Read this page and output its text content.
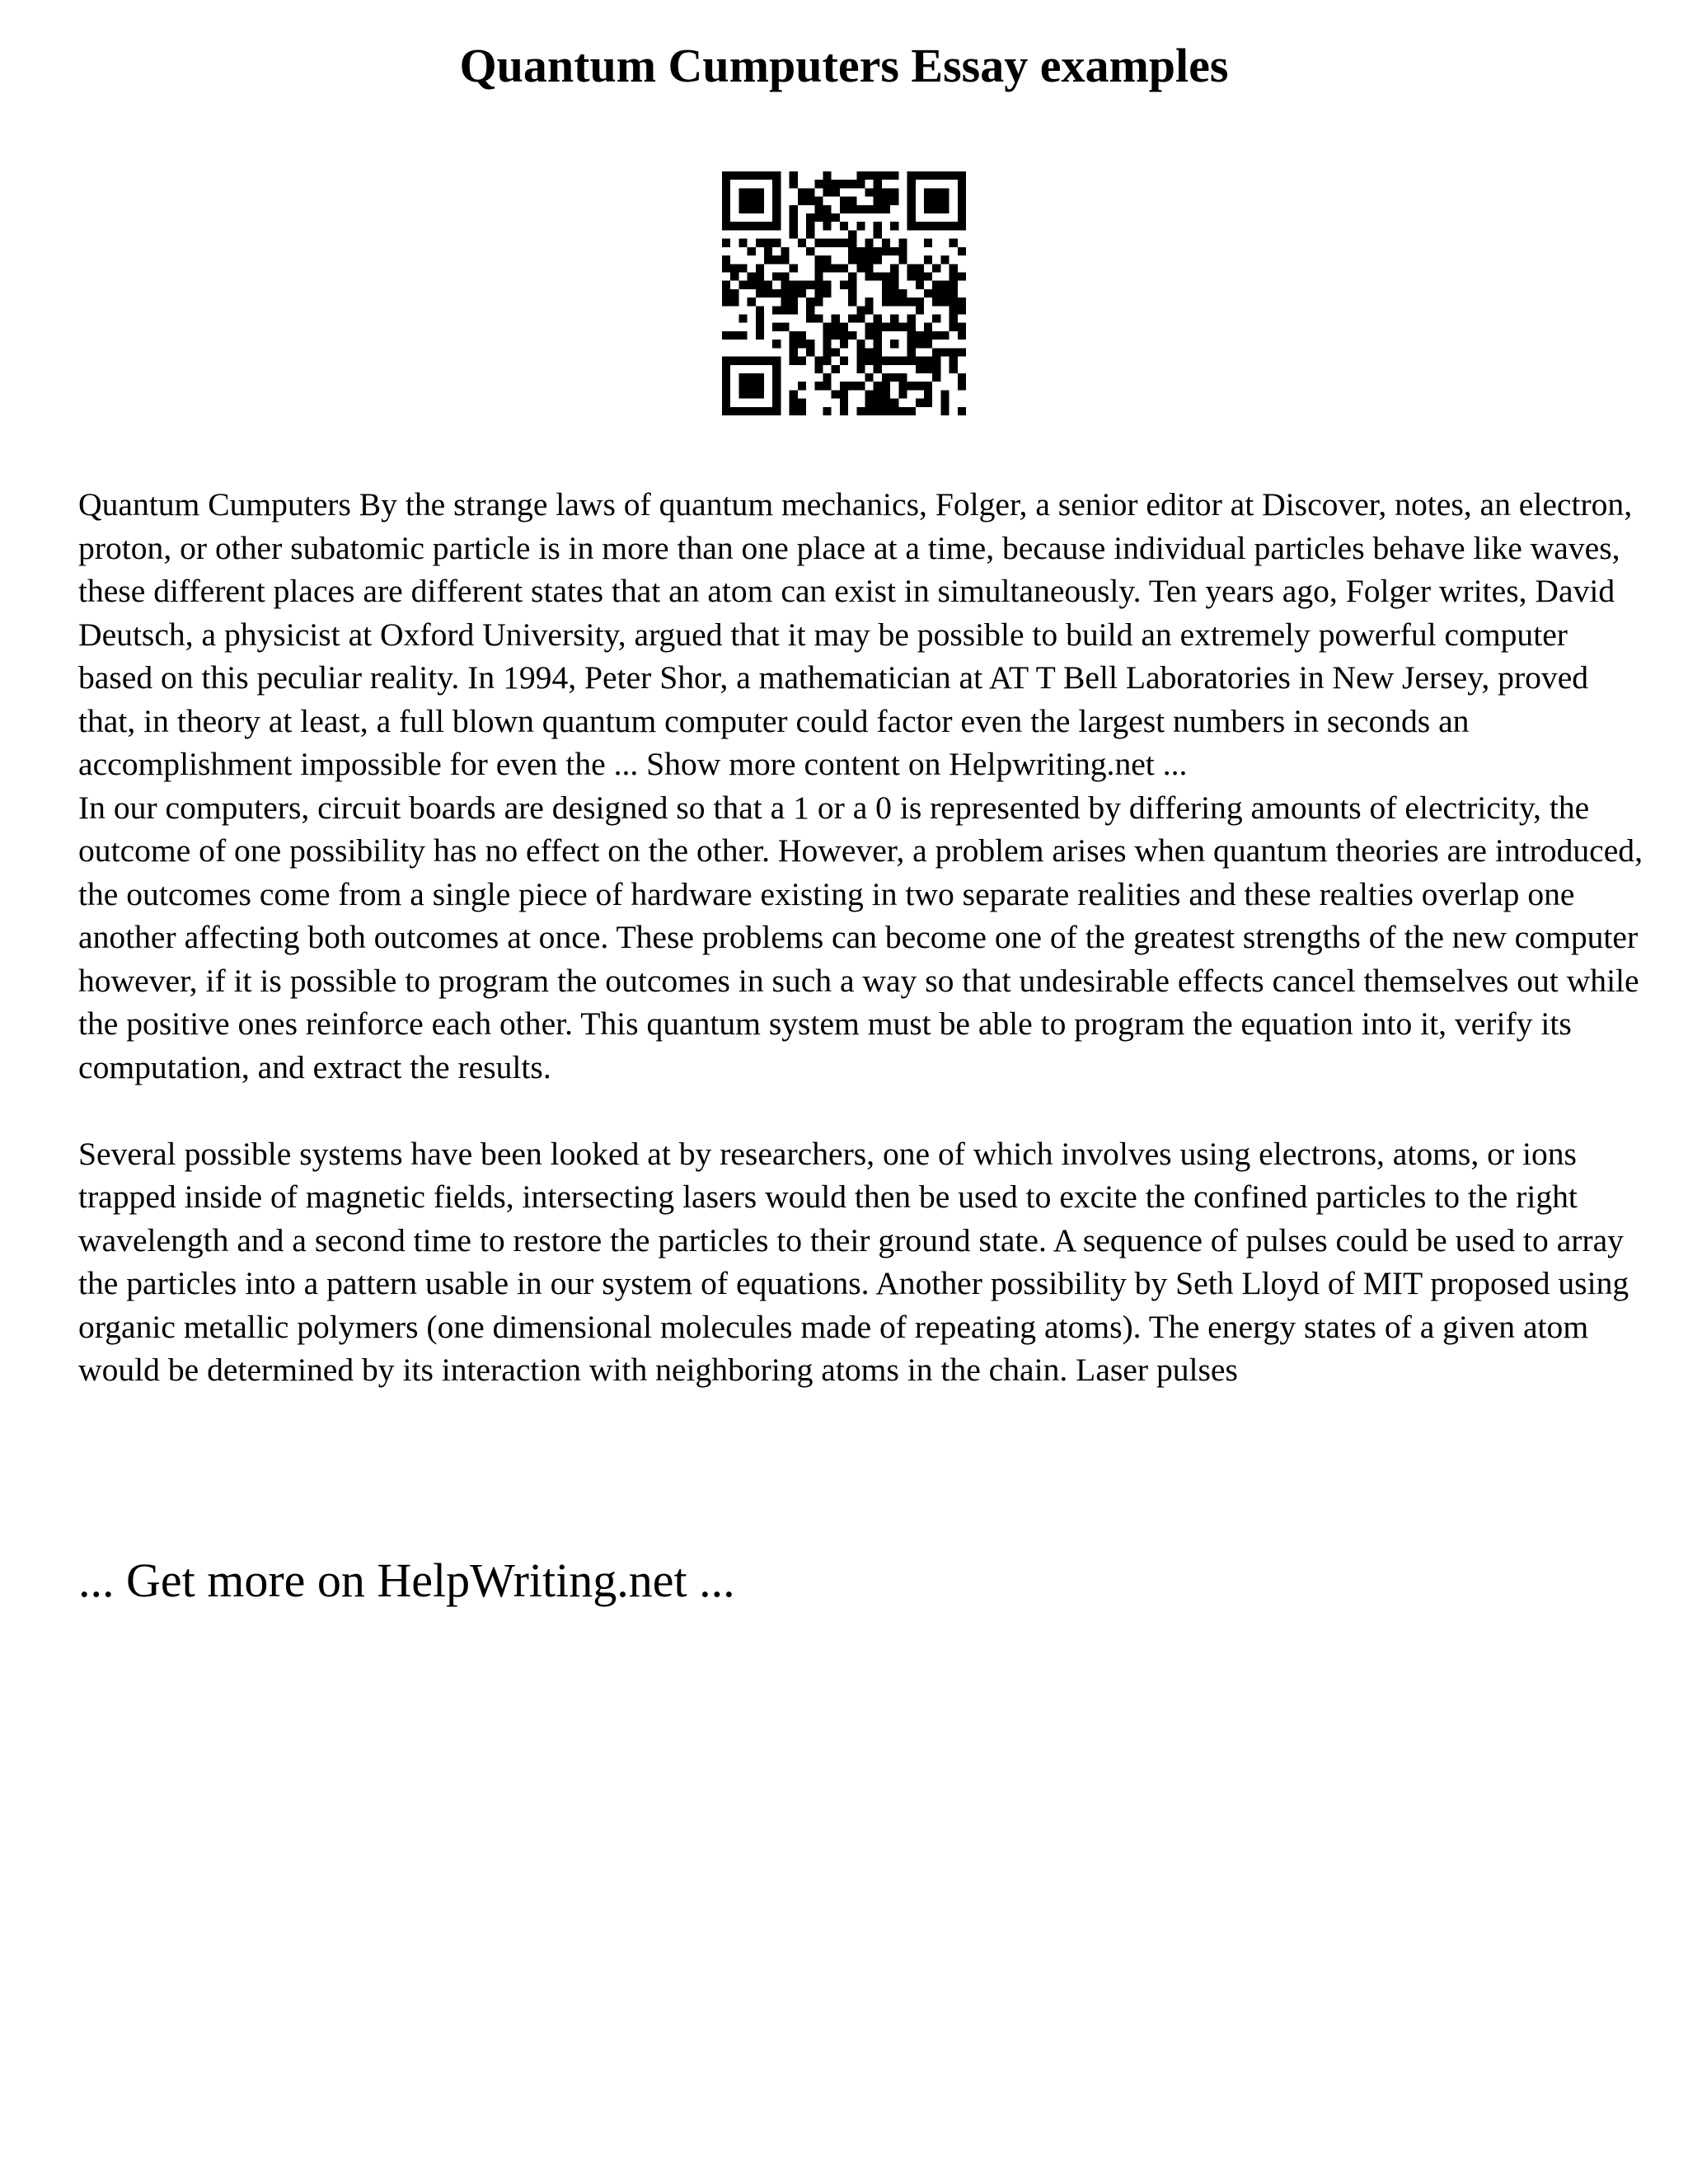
Quantum Cumputers Essay examples

Quantum Cumputers By the strange laws of quantum mechanics, Folger, a senior editor at Discover, notes, an electron, proton, or other subatomic particle is in more than one place at a time, because individual particles behave like waves, these different places are different states that an atom can exist in simultaneously. Ten years ago, Folger writes, David Deutsch, a physicist at Oxford University, argued that it may be possible to build an extremely powerful computer based on this peculiar reality. In 1994, Peter Shor, a mathematician at AT T Bell Laboratories in New Jersey, proved that, in theory at least, a full blown quantum computer could factor even the largest numbers in seconds an accomplishment impossible for even the ... Show more content on Helpwriting.net ...

In our computers, circuit boards are designed so that a 1 or a 0 is represented by differing amounts of electricity, the outcome of one possibility has no effect on the other. However, a problem arises when quantum theories are introduced, the outcomes come from a single piece of hardware existing in two separate realities and these realties overlap one another affecting both outcomes at once. These problems can become one of the greatest strengths of the new computer however, if it is possible to program the outcomes in such a way so that undesirable effects cancel themselves out while the positive ones reinforce each other. This quantum system must be able to program the equation into it, verify its computation, and extract the results.

Several possible systems have been looked at by researchers, one of which involves using electrons, atoms, or ions trapped inside of magnetic fields, intersecting lasers would then be used to excite the confined particles to the right wavelength and a second time to restore the particles to their ground state. A sequence of pulses could be used to array the particles into a pattern usable in our system of equations. Another possibility by Seth Lloyd of MIT proposed using organic metallic polymers (one dimensional molecules made of repeating atoms). The energy states of a given atom would be determined by its interaction with neighboring atoms in the chain. Laser pulses

... Get more on HelpWriting.net ...
